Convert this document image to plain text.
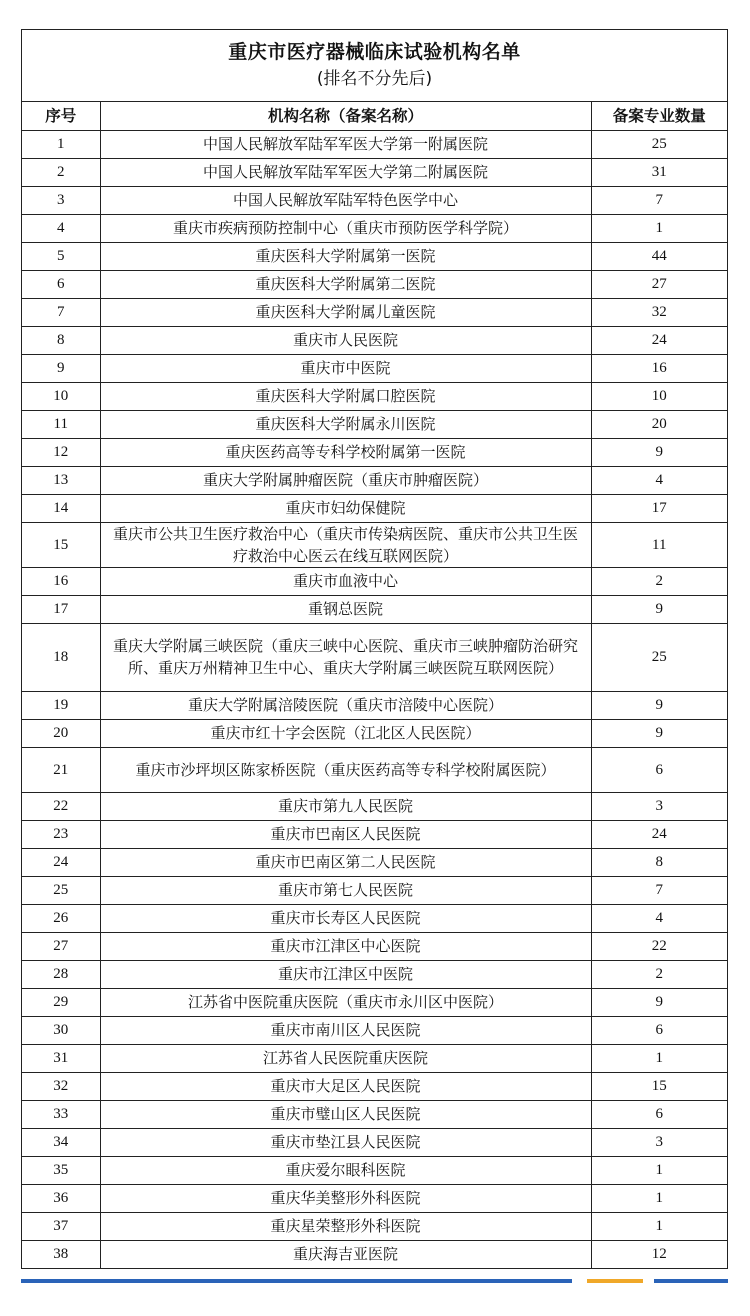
重庆市医疗器械临床试验机构名单
(排名不分先后)
序号	机构名称（备案名称）	备案专业数量
1	中国人民解放军陆军军医大学第一附属医院	25
2	中国人民解放军陆军军医大学第二附属医院	31
3	中国人民解放军陆军特色医学中心	7
4	重庆市疾病预防控制中心（重庆市预防医学科学院）	1
5	重庆医科大学附属第一医院	44
6	重庆医科大学附属第二医院	27
7	重庆医科大学附属儿童医院	32
8	重庆市人民医院	24
9	重庆市中医院	16
10	重庆医科大学附属口腔医院	10
11	重庆医科大学附属永川医院	20
12	重庆医药高等专科学校附属第一医院	9
13	重庆大学附属肿瘤医院（重庆市肿瘤医院）	4
14	重庆市妇幼保健院	17
15	重庆市公共卫生医疗救治中心（重庆市传染病医院、重庆市公共卫生医疗救治中心医云在线互联网医院）	11
16	重庆市血液中心	2
17	重钢总医院	9
18	重庆大学附属三峡医院（重庆三峡中心医院、重庆市三峡肿瘤防治研究所、重庆万州精神卫生中心、重庆大学附属三峡医院互联网医院）	25
19	重庆大学附属涪陵医院（重庆市涪陵中心医院）	9
20	重庆市红十字会医院（江北区人民医院）	9
21	重庆市沙坪坝区陈家桥医院（重庆医药高等专科学校附属医院）	6
22	重庆市第九人民医院	3
23	重庆市巴南区人民医院	24
24	重庆市巴南区第二人民医院	8
25	重庆市第七人民医院	7
26	重庆市长寿区人民医院	4
27	重庆市江津区中心医院	22
28	重庆市江津区中医院	2
29	江苏省中医院重庆医院（重庆市永川区中医院）	9
30	重庆市南川区人民医院	6
31	江苏省人民医院重庆医院	1
32	重庆市大足区人民医院	15
33	重庆市璧山区人民医院	6
34	重庆市垫江县人民医院	3
35	重庆爱尔眼科医院	1
36	重庆华美整形外科医院	1
37	重庆星荣整形外科医院	1
38	重庆海吉亚医院	12
